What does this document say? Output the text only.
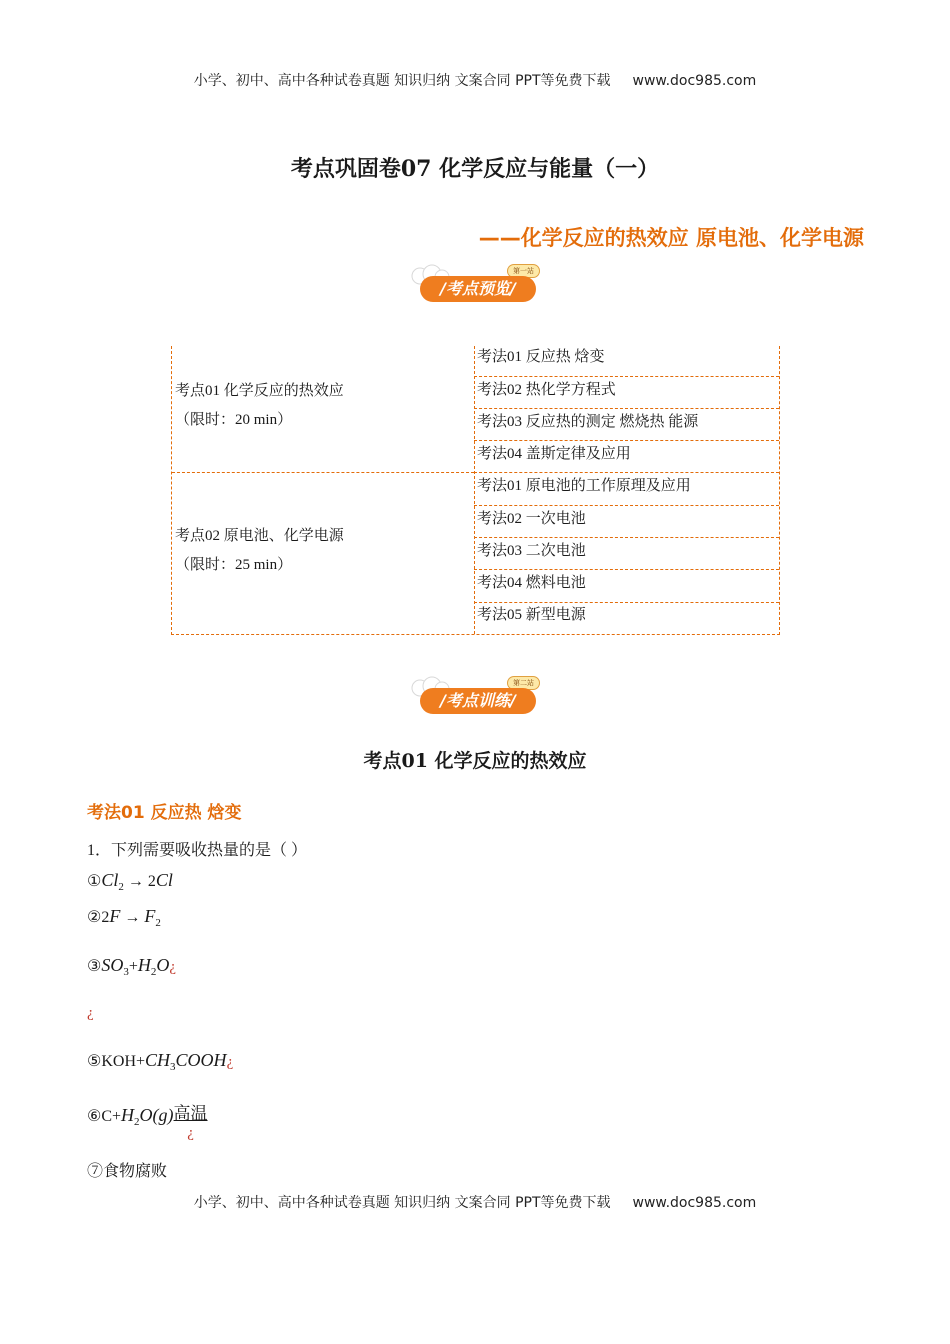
小学、初中、高中各种试卷真题 知识归纳 文案合同 PPT等免费下载 www.doc985.com
考点巩固卷07 化学反应与能量（一）
——化学反应的热效应 原电池、化学电源
第一站
/考点预览/
考点01 化学反应的热效应
（限时：20 min）
考点02 原电池、化学电源
（限时：25 min）
考法01 反应热 焓变
考法02 热化学方程式
考法03 反应热的测定 燃烧热 能源
考法04 盖斯定律及应用
考法01 原电池的工作原理及应用
考法02 一次电池
考法03 二次电池
考法04 燃料电池
考法05 新型电源
第二站
/考点训练/
考点01 化学反应的热效应
考法01 反应热 焓变
1．下列需要吸收热量的是（ ）
$①Cl_2 \to 2Cl$
②2F → $F_2$
$③SO_3+H_2O¿$
¿
$⑤KOH+CH_3COOH¿$
$⑥C+H_2O(g)$高温
¿
⑦食物腐败
小学、初中、高中各种试卷真题 知识归纳 文案合同 PPT等免费下载 www.doc985.com
